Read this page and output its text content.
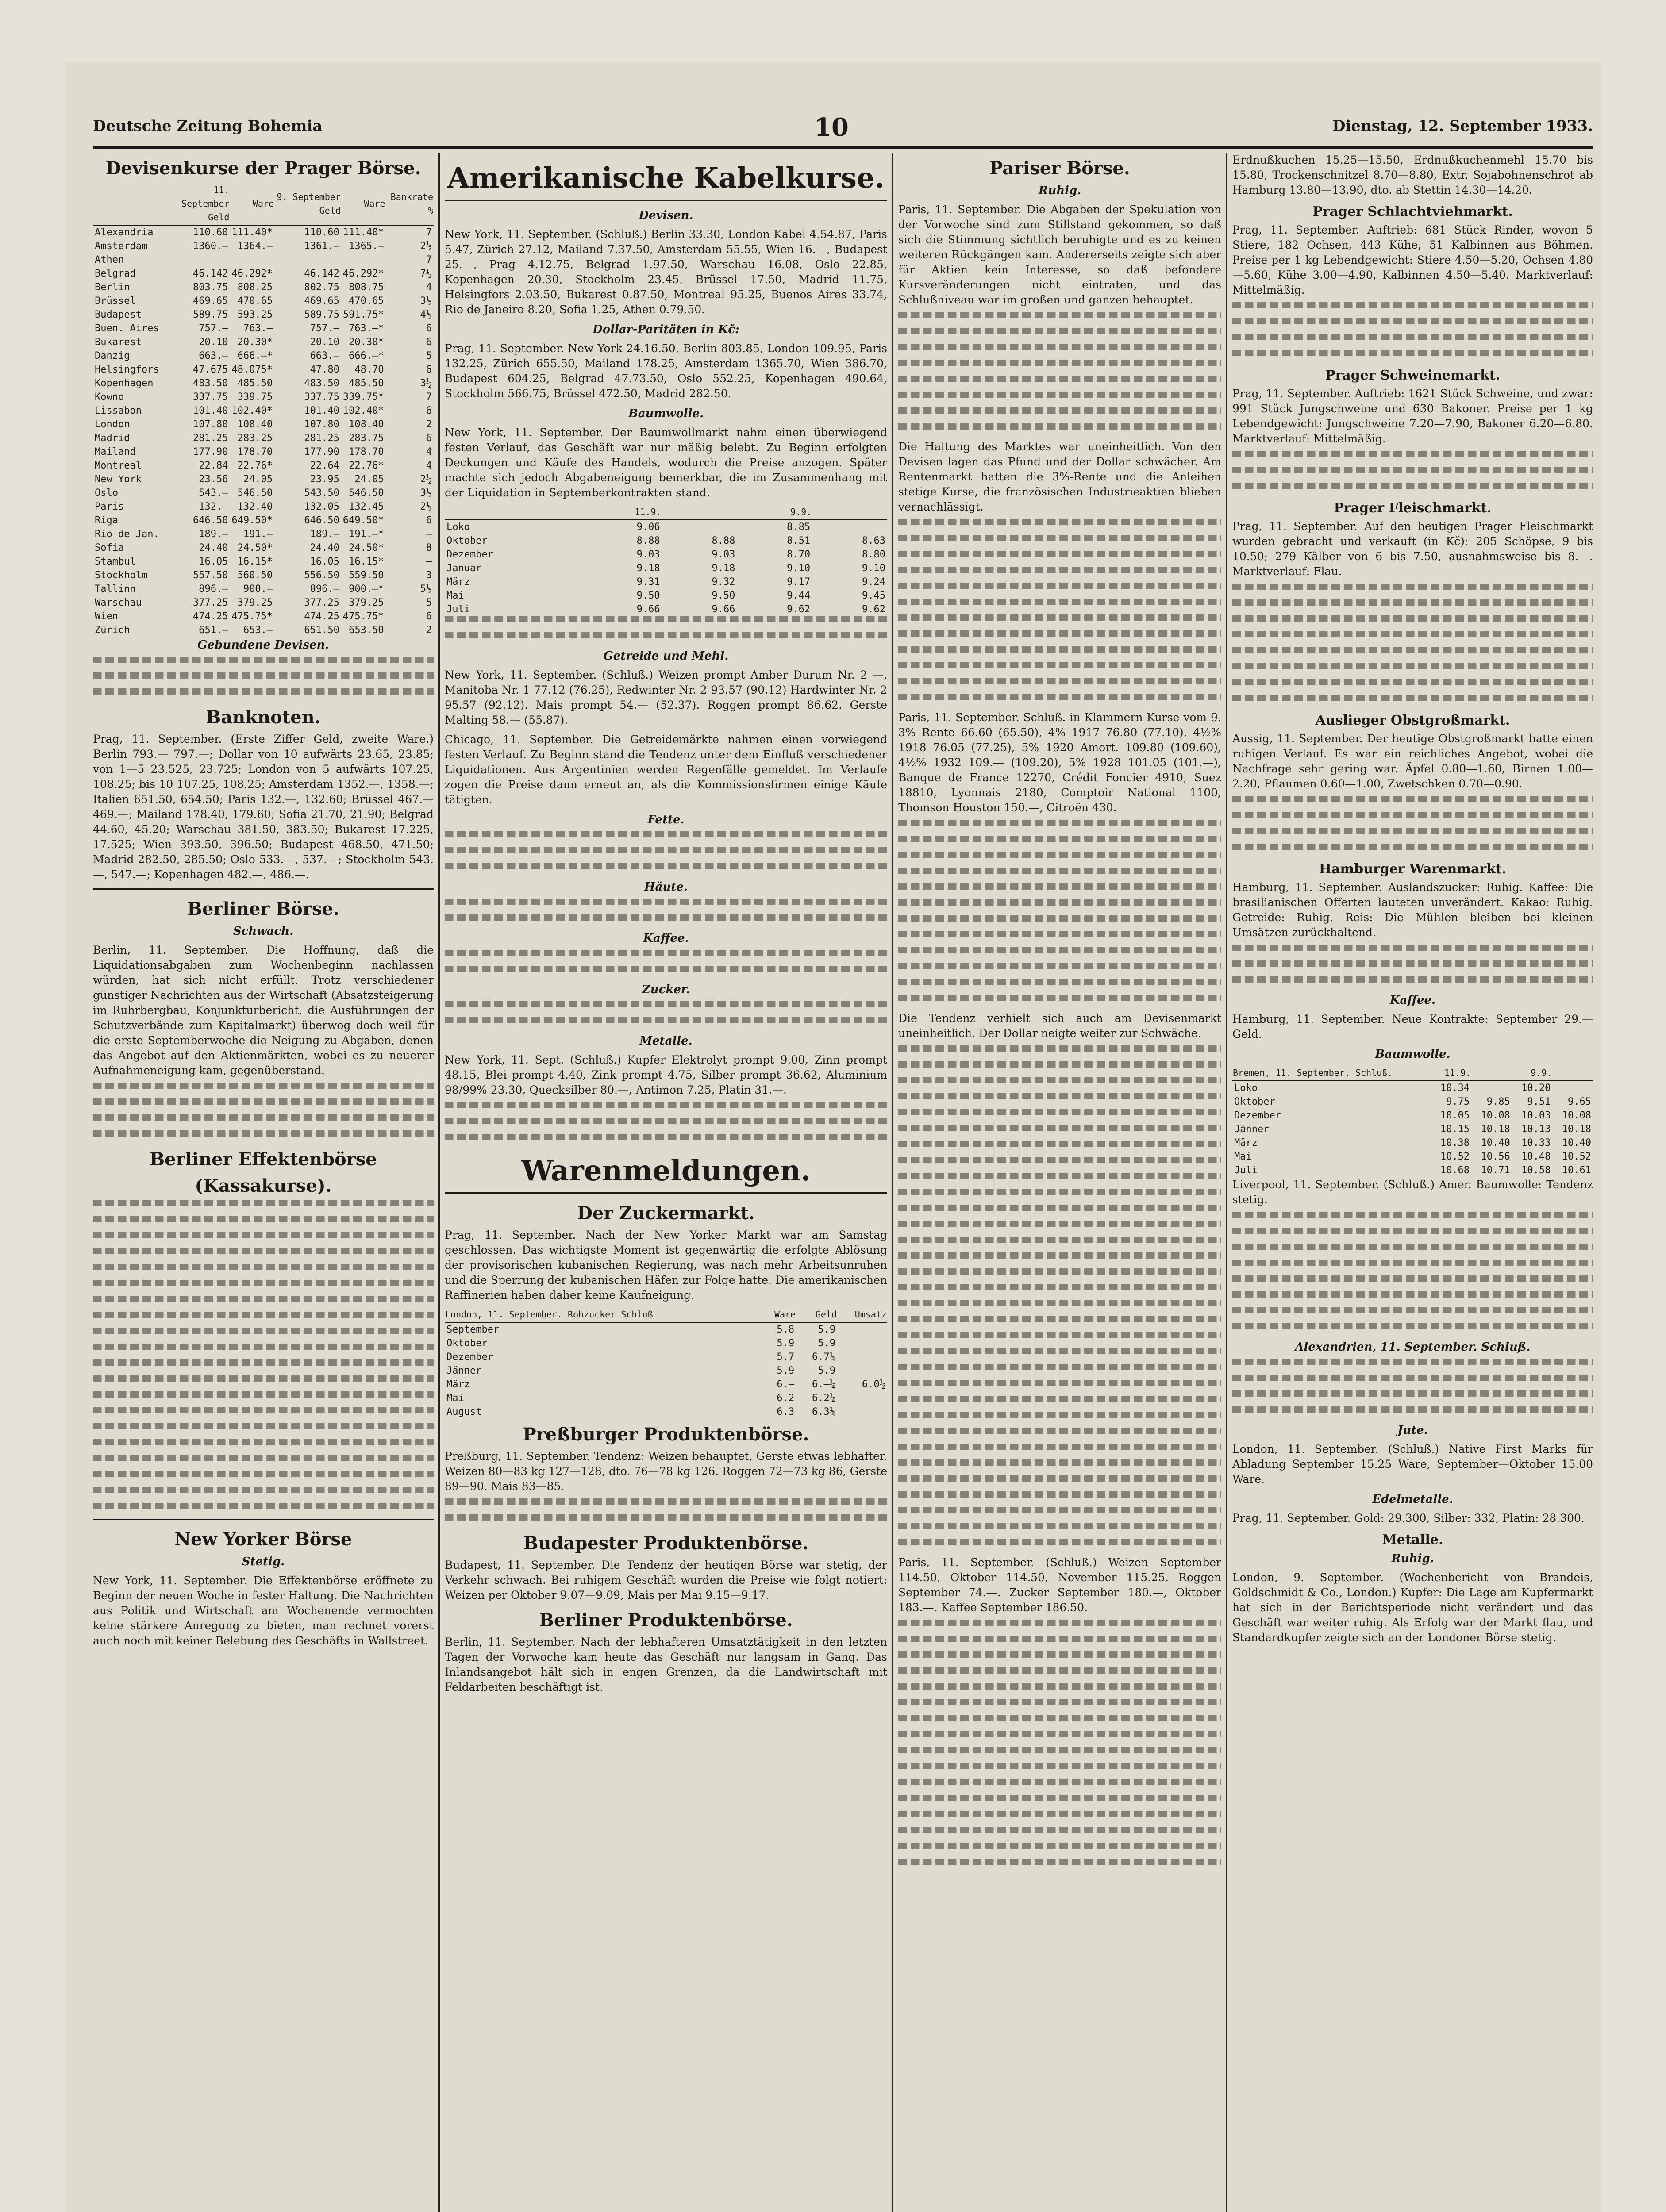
Deutsche Zeitung Bohemia	10	Dienstag, 12. September 1933.
Devisenkurse der Prager Börse.
	11. September Geld	Ware	9. September Geld	Ware	Bankrate %
Alexandria	110.60	111.40*	110.60	111.40*	7
Amsterdam	1360.—	1364.—	1361.—	1365.—	2½
Athen					7
Belgrad	46.142	46.292*	46.142	46.292*	7½
Berlin	803.75	808.25	802.75	808.75	4
Brüssel	469.65	470.65	469.65	470.65	3½
Budapest	589.75	593.25	589.75	591.75*	4½
Buen. Aires	757.—	763.—	757.—	763.—*	6
Bukarest	20.10	20.30*	20.10	20.30*	6
Danzig	663.—	666.—*	663.—	666.—*	5
Helsingfors	47.675	48.075*	47.80	48.70	6
Kopenhagen	483.50	485.50	483.50	485.50	3½
Kowno	337.75	339.75	337.75	339.75*	7
Lissabon	101.40	102.40*	101.40	102.40*	6
London	107.80	108.40	107.80	108.40	2
Madrid	281.25	283.25	281.25	283.75	6
Mailand	177.90	178.70	177.90	178.70	4
Montreal	22.84	22.76*	22.64	22.76*	4
New York	23.56	24.05	23.95	24.05	2½
Oslo	543.—	546.50	543.50	546.50	3½
Paris	132.—	132.40	132.05	132.45	2½
Riga	646.50	649.50*	646.50	649.50*	6
Rio de Jan.	189.—	191.—	189.—	191.—*	—
Sofia	24.40	24.50*	24.40	24.50*	8
Stambul	16.05	16.15*	16.05	16.15*	—
Stockholm	557.50	560.50	556.50	559.50	3
Tallinn	896.—	900.—	896.—	900.—*	5½
Warschau	377.25	379.25	377.25	379.25	5
Wien	474.25	475.75*	474.25	475.75*	6
Zürich	651.—	653.—	651.50	653.50	2
Gebundene Devisen.
Banknoten.

Prag, 11. September. (Erste Ziffer Geld, zweite Ware.) Berlin 793.— 797.—; Dollar von 10 aufwärts 23.65, 23.85; von 1—5 23.525, 23.725; London von 5 aufwärts 107.25, 108.25; bis 10 107.25, 108.25; Amsterdam 1352.—, 1358.—; Italien 651.50, 654.50; Paris 132.—, 132.60; Brüssel 467.— 469.—; Mailand 178.40, 179.60; Sofia 21.70, 21.90; Belgrad 44.60, 45.20; Warschau 381.50, 383.50; Bukarest 17.225, 17.525; Wien 393.50, 396.50; Budapest 468.50, 471.50; Madrid 282.50, 285.50; Oslo 533.—, 537.—; Stockholm 543.—, 547.—; Kopenhagen 482.—, 486.—.

Berliner Börse.
Schwach.

Berlin, 11. September. Die Hoffnung, daß die Liquidationsabgaben zum Wochenbeginn nachlassen würden, hat sich nicht erfüllt. Trotz verschiedener günstiger Nachrichten aus der Wirtschaft (Absatzsteigerung im Ruhrbergbau, Konjunkturbericht, die Ausführungen der Schutzverbände zum Kapitalmarkt) überwog doch weil für die erste Septemberwoche die Neigung zu Abgaben, denen das Angebot auf den Aktienmärkten, wobei es zu neuerer Aufnahmeneigung kam, gegenüberstand.

Berliner Effektenbörse (Kassakurse).
New Yorker Börse
Stetig.

New York, 11. September. Die Effektenbörse eröffnete zu Beginn der neuen Woche in fester Haltung. Die Nachrichten aus Politik und Wirtschaft am Wochenende vermochten keine stärkere Anregung zu bieten, man rechnet vorerst auch noch mit keiner Belebung des Geschäfts in Wallstreet.

Amerikanische Kabelkurse.
Devisen.

New York, 11. September. (Schluß.) Berlin 33.30, London Kabel 4.54.87, Paris 5.47, Zürich 27.12, Mailand 7.37.50, Amsterdam 55.55, Wien 16.—, Budapest 25.—, Prag 4.12.75, Belgrad 1.97.50, Warschau 16.08, Oslo 22.85, Kopenhagen 20.30, Stockholm 23.45, Brüssel 17.50, Madrid 11.75, Helsingfors 2.03.50, Bukarest 0.87.50, Montreal 95.25, Buenos Aires 33.74, Rio de Janeiro 8.20, Sofia 1.25, Athen 0.79.50.

Dollar-Paritäten in Kč:

Prag, 11. September. New York 24.16.50, Berlin 803.85, London 109.95, Paris 132.25, Zürich 655.50, Mailand 178.25, Amsterdam 1365.70, Wien 386.70, Budapest 604.25, Belgrad 47.73.50, Oslo 552.25, Kopenhagen 490.64, Stockholm 566.75, Brüssel 472.50, Madrid 282.50.

Baumwolle.

New York, 11. September. Der Baumwollmarkt nahm einen überwiegend festen Verlauf, das Geschäft war nur mäßig belebt. Zu Beginn erfolgten Deckungen und Käufe des Handels, wodurch die Preise anzogen. Später machte sich jedoch Abgabeneigung bemerkbar, die im Zusammenhang mit der Liquidation in Septemberkontrakten stand.

	11.9.		9.9.	
Loko	9.06		8.85	
Oktober	8.88	8.88	8.51	8.63
Dezember	9.03	9.03	8.70	8.80
Januar	9.18	9.18	9.10	9.10
März	9.31	9.32	9.17	9.24
Mai	9.50	9.50	9.44	9.45
Juli	9.66	9.66	9.62	9.62
Getreide und Mehl.

New York, 11. September. (Schluß.) Weizen prompt Amber Durum Nr. 2 —, Manitoba Nr. 1 77.12 (76.25), Redwinter Nr. 2 93.57 (90.12) Hardwinter Nr. 2 95.57 (92.12). Mais prompt 54.— (52.37). Roggen prompt 86.62. Gerste Malting 58.— (55.87).

Chicago, 11. September. Die Getreidemärkte nahmen einen vorwiegend festen Verlauf. Zu Beginn stand die Tendenz unter dem Einfluß verschiedener Liquidationen. Aus Argentinien werden Regenfälle gemeldet. Im Verlaufe zogen die Preise dann erneut an, als die Kommissionsfirmen einige Käufe tätigten.

Fette.
Häute.
Kaffee.
Zucker.
Metalle.

New York, 11. Sept. (Schluß.) Kupfer Elektrolyt prompt 9.00, Zinn prompt 48.15, Blei prompt 4.40, Zink prompt 4.75, Silber prompt 36.62, Aluminium 98/99% 23.30, Quecksilber 80.—, Antimon 7.25, Platin 31.—.

Warenmeldungen.
Der Zuckermarkt.

Prag, 11. September. Nach der New Yorker Markt war am Samstag geschlossen. Das wichtigste Moment ist gegenwärtig die erfolgte Ablösung der provisorischen kubanischen Regierung, was nach mehr Arbeitsunruhen und die Sperrung der kubanischen Häfen zur Folge hatte. Die amerikanischen Raffinerien haben daher keine Kaufneigung.

London, 11. September. Rohzucker Schluß	Ware	Geld	Umsatz
September	5.8	5.9	
Oktober	5.9	5.9	
Dezember	5.7	6.7¼	
Jänner	5.9	5.9	
März	6.—	6.—¼	6.0½
Mai	6.2	6.2¼	
August	6.3	6.3¼	
Preßburger Produktenbörse.

Preßburg, 11. September. Tendenz: Weizen behauptet, Gerste etwas lebhafter. Weizen 80—83 kg 127—128, dto. 76—78 kg 126. Roggen 72—73 kg 86, Gerste 89—90. Mais 83—85.

Budapester Produktenbörse.

Budapest, 11. September. Die Tendenz der heutigen Börse war stetig, der Verkehr schwach. Bei ruhigem Geschäft wurden die Preise wie folgt notiert: Weizen per Oktober 9.07—9.09, Mais per Mai 9.15—9.17.

Berliner Produktenbörse.

Berlin, 11. September. Nach der lebhafteren Umsatztätigkeit in den letzten Tagen der Vorwoche kam heute das Geschäft nur langsam in Gang. Das Inlandsangebot hält sich in engen Grenzen, da die Landwirtschaft mit Feldarbeiten beschäftigt ist.

Pariser Börse.
Ruhig.

Paris, 11. September. Die Abgaben der Spekulation von der Vorwoche sind zum Stillstand gekommen, so daß sich die Stimmung sichtlich beruhigte und es zu keinen weiteren Rückgängen kam. Andererseits zeigte sich aber für Aktien kein Interesse, so daß befondere Kursveränderungen nicht eintraten, und das Schlußniveau war im großen und ganzen behauptet.

Die Haltung des Marktes war uneinheitlich. Von den Devisen lagen das Pfund und der Dollar schwächer. Am Rentenmarkt hatten die 3%-Rente und die Anleihen stetige Kurse, die französischen Industrieaktien blieben vernachlässigt.

Paris, 11. September. Schluß. in Klammern Kurse vom 9. 3% Rente 66.60 (65.50), 4% 1917 76.80 (77.10), 4½% 1918 76.05 (77.25), 5% 1920 Amort. 109.80 (109.60), 4½% 1932 109.— (109.20), 5% 1928 101.05 (101.—), Banque de France 12270, Crédit Foncier 4910, Suez 18810, Lyonnais 2180, Comptoir National 1100, Thomson Houston 150.—, Citroën 430.

Die Tendenz verhielt sich auch am Devisenmarkt uneinheitlich. Der Dollar neigte weiter zur Schwäche.

Paris, 11. September. (Schluß.) Weizen September 114.50, Oktober 114.50, November 115.25. Roggen September 74.—. Zucker September 180.—, Oktober 183.—. Kaffee September 186.50.

Erdnußkuchen 15.25—15.50, Erdnußkuchenmehl 15.70 bis 15.80, Trockenschnitzel 8.70—8.80, Extr. Sojabohnenschrot ab Hamburg 13.80—13.90, dto. ab Stettin 14.30—14.20.

Prager Schlachtviehmarkt.

Prag, 11. September. Auftrieb: 681 Stück Rinder, wovon 5 Stiere, 182 Ochsen, 443 Kühe, 51 Kalbinnen aus Böhmen. Preise per 1 kg Lebendgewicht: Stiere 4.50—5.20, Ochsen 4.80—5.60, Kühe 3.00—4.90, Kalbinnen 4.50—5.40. Marktverlauf: Mittelmäßig.

Prager Schweinemarkt.

Prag, 11. September. Auftrieb: 1621 Stück Schweine, und zwar: 991 Stück Jungschweine und 630 Bakoner. Preise per 1 kg Lebendgewicht: Jungschweine 7.20—7.90, Bakoner 6.20—6.80. Marktverlauf: Mittelmäßig.

Prager Fleischmarkt.

Prag, 11. September. Auf den heutigen Prager Fleischmarkt wurden gebracht und verkauft (in Kč): 205 Schöpse, 9 bis 10.50; 279 Kälber von 6 bis 7.50, ausnahmsweise bis 8.—. Marktverlauf: Flau.

Auslieger Obstgroßmarkt.

Aussig, 11. September. Der heutige Obstgroßmarkt hatte einen ruhigen Verlauf. Es war ein reichliches Angebot, wobei die Nachfrage sehr gering war. Äpfel 0.80—1.60, Birnen 1.00—2.20, Pflaumen 0.60—1.00, Zwetschken 0.70—0.90.

Hamburger Warenmarkt.

Hamburg, 11. September. Auslandszucker: Ruhig. Kaffee: Die brasilianischen Offerten lauteten unverändert. Kakao: Ruhig. Getreide: Ruhig. Reis: Die Mühlen bleiben bei kleinen Umsätzen zurückhaltend.

Kaffee.

Hamburg, 11. September. Neue Kontrakte: September 29.— Geld.

Baumwolle.
Bremen, 11. September. Schluß.	11.9.		9.9.	
Loko	10.34		10.20	
Oktober	9.75	9.85	9.51	9.65
Dezember	10.05	10.08	10.03	10.08
Jänner	10.15	10.18	10.13	10.18
März	10.38	10.40	10.33	10.40
Mai	10.52	10.56	10.48	10.52
Juli	10.68	10.71	10.58	10.61

Liverpool, 11. September. (Schluß.) Amer. Baumwolle: Tendenz stetig.

Alexandrien, 11. September. Schluß.
Jute.

London, 11. September. (Schluß.) Native First Marks für Abladung September 15.25 Ware, September—Oktober 15.00 Ware.

Edelmetalle.

Prag, 11. September. Gold: 29.300, Silber: 332, Platin: 28.300.

Metalle.
Ruhig.

London, 9. September. (Wochenbericht von Brandeis, Goldschmidt & Co., London.) Kupfer: Die Lage am Kupfermarkt hat sich in der Berichtsperiode nicht verändert und das Geschäft war weiter ruhig. Als Erfolg war der Markt flau, und Standardkupfer zeigte sich an der Londoner Börse stetig.
